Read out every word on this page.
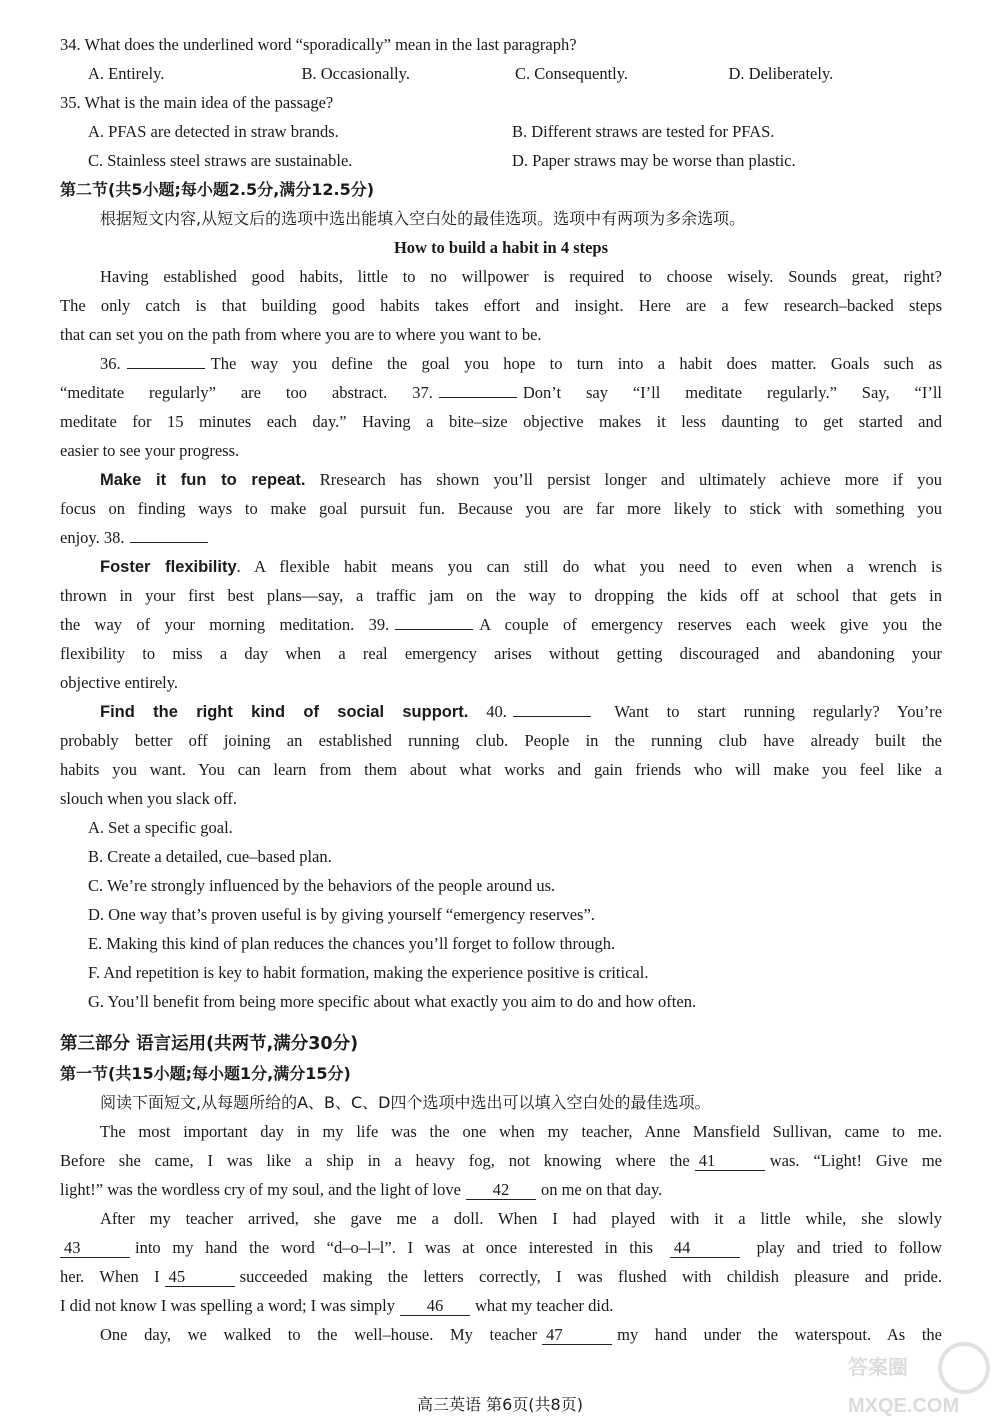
34. What does the underlined word “sporadically” mean in the last paragraph?
A. Entirely.	B. Occasionally.	C. Consequently.	D. Deliberately.
35. What is the main idea of the passage?
A. PFAS are detected in straw brands.	B. Different straws are tested for PFAS.
C. Stainless steel straws are sustainable.	D. Paper straws may be worse than plastic.
第二节(共5小题;每小题2.5分,满分12.5分)
根据短文内容,从短文后的选项中选出能填入空白处的最佳选项。选项中有两项为多余选项。
How to build a habit in 4 steps
Having established good habits, little to no willpower is required to choose wisely. Sounds great, right?
The only catch is that building good habits takes effort and insight. Here are a few research–backed steps
that can set you on the path from where you are to where you want to be.
36.	The way you define the goal you hope to turn into a habit does matter. Goals such as
“meditate regularly” are too abstract. 37.	Don’t say “I’ll meditate regularly.” Say, “I’ll
meditate for 15 minutes each day.” Having a bite–size objective makes it less daunting to get started and
easier to see your progress.
Make it fun to repeat. Rresearch has shown you’ll persist longer and ultimately achieve more if you
focus on finding ways to make goal pursuit fun. Because you are far more likely to stick with something you
enjoy. 38.
Foster flexibility. A flexible habit means you can still do what you need to even when a wrench is
thrown in your first best plans—say, a traffic jam on the way to dropping the kids off at school that gets in
the way of your morning meditation. 39.	A couple of emergency reserves each week give you the
flexibility to miss a day when a real emergency arises without getting discouraged and abandoning your
objective entirely.
Find the right kind of social support. 40.	Want to start running regularly? You’re
probably better off joining an established running club. People in the running club have already built the
habits you want. You can learn from them about what works and gain friends who will make you feel like a
slouch when you slack off.
A. Set a specific goal.
B. Create a detailed, cue–based plan.
C. We’re strongly influenced by the behaviors of the people around us.
D. One way that’s proven useful is by giving yourself “emergency reserves”.
E. Making this kind of plan reduces the chances you’ll forget to follow through.
F. And repetition is key to habit formation, making the experience positive is critical.
G. You’ll benefit from being more specific about what exactly you aim to do and how often.
第三部分 语言运用(共两节,满分30分)
第一节(共15小题;每小题1分,满分15分)
阅读下面短文,从每题所给的A、B、C、D四个选项中选出可以填入空白处的最佳选项。
The most important day in my life was the one when my teacher, Anne Mansfield Sullivan, came to me.
Before she came, I was like a ship in a heavy fog, not knowing where the 41	was. “Light! Give me
light!” was the wordless cry of my soul, and the light of love 42 on me on that day.
After my teacher arrived, she gave me a doll. When I had played with it a little while, she slowly
43	into my hand the word “d–o–l–l”. I was at once interested in this 44	play and tried to follow
her. When I 45	succeeded making the letters correctly, I was flushed with childish pleasure and pride.
I did not know I was spelling a word; I was simply 46 what my teacher did.
One day, we walked to the well–house. My teacher 47	my hand under the waterspout. As the
高三英语 第6页(共8页)
答案圈
MXQE.COM
